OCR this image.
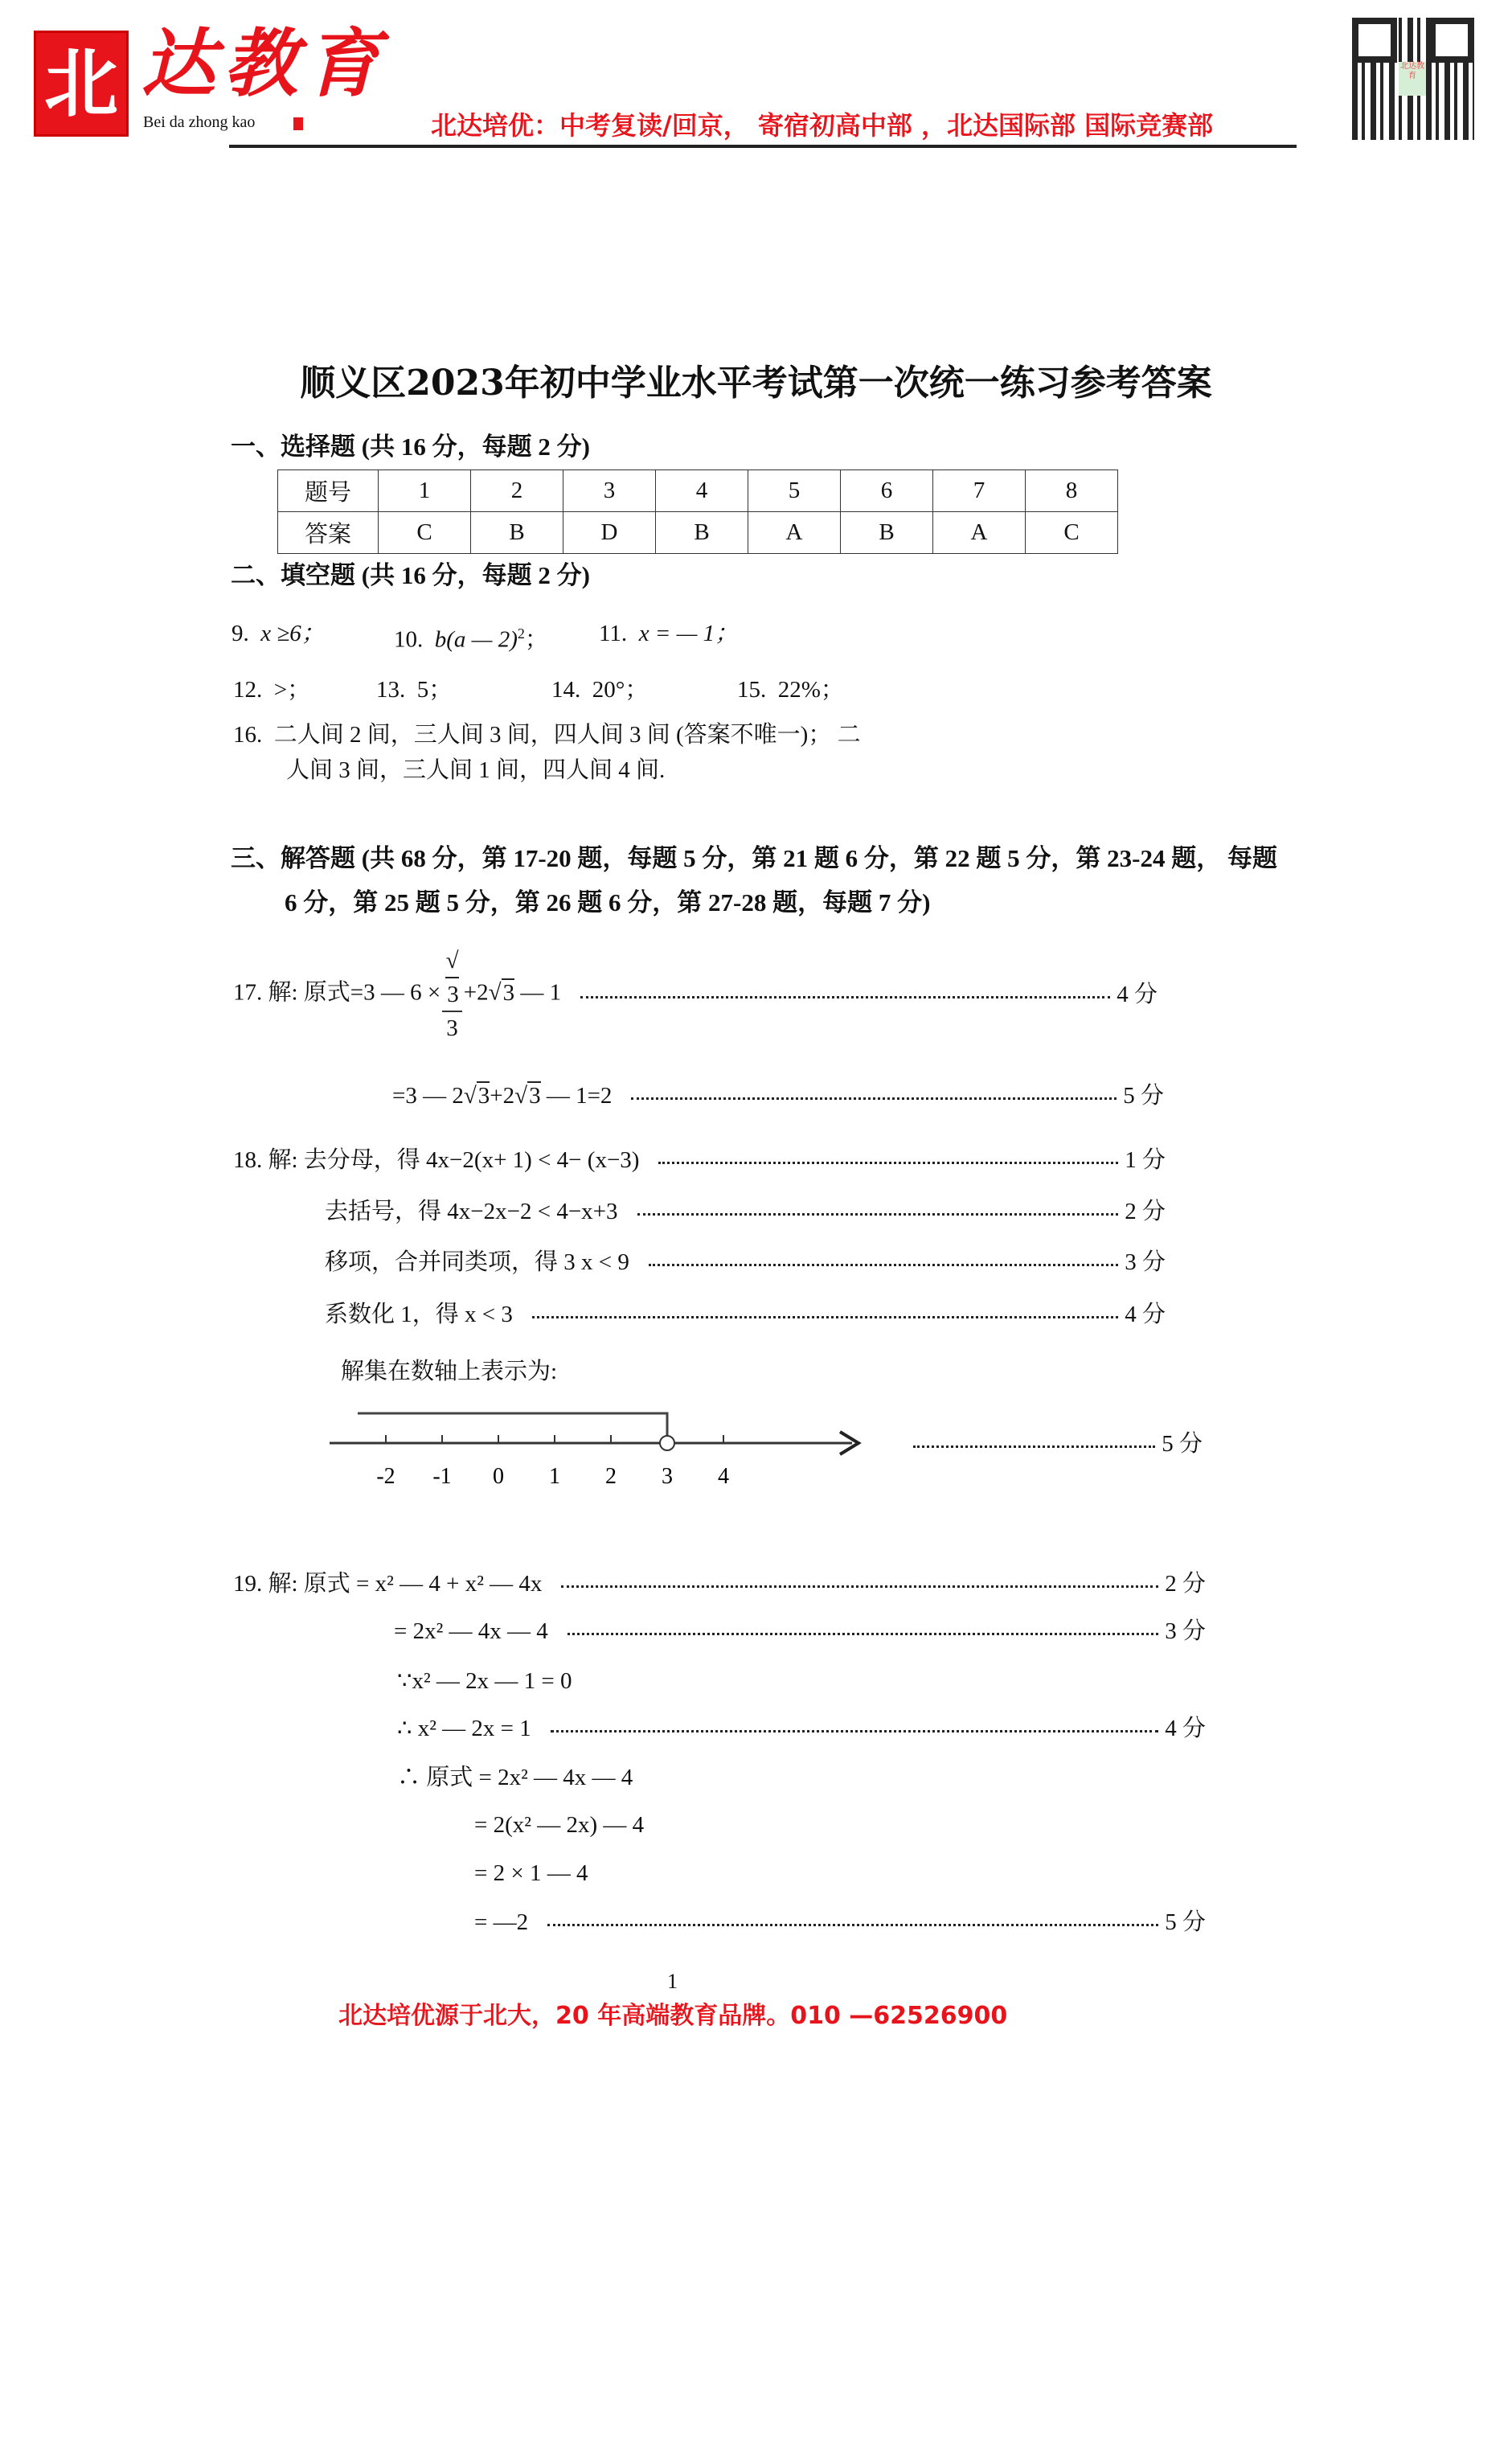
北 达教育
Bei da zhong kao	北达培优：中考复读/回京， 寄宿初高中部 ，北达国际部 国际竞赛部
北达教育
顺义区2023年初中学业水平考试第一次统一练习参考答案
一、选择题 (共 16 分，每题 2 分)
题号	1	2	3	4	5	6	7	8
答案	C	B	D	B	A	B	A	C
二、填空题 (共 16 分，每题 2 分)
9. x ≥6；	10. b(a — 2)$^2$； 11. x = — 1；
12. >；	13. 5；	14. 20°；	15. 22%；
16. 二人间 2 间，三人间 3 间，四人间 3 间 (答案不唯一)； 二
人间 3 间，三人间 1 间，四人间 4 间.
三、解答题 (共 68 分，第 17-20 题，每题 5 分，第 21 题 6 分，第 22 题 5 分，第 23-24 题， 每题
6 分，第 25 题 5 分，第 26 题 6 分，第 27-28 题，每题 7 分)
17. 解: 原式=3 — 6 × √
3
3 +2√3 — 1	4 分
=3 — 2√3+2√3 — 1=2	5 分
18. 解: 去分母，得 4x−2(x+ 1) < 4− (x−3)	1 分
去括号，得 4x−2x−2 < 4−x+3	2 分
移项，合并同类项，得 3 x < 9	3 分
系数化 1，得 x < 3	4 分
解集在数轴上表示为:
-2 -1 0 1 2 3 4
5 分
19. 解: 原式 = x² — 4 + x² — 4x	2 分
= 2x² — 4x — 4	3 分
∵x² — 2x — 1 = 0
∴ x² — 2x = 1	4 分
∴ 原式 = 2x² — 4x — 4
= 2(x² — 2x) — 4
= 2 × 1 — 4
= —2	5 分
1
北达培优源于北大，20 年高端教育品牌。010 —62526900
